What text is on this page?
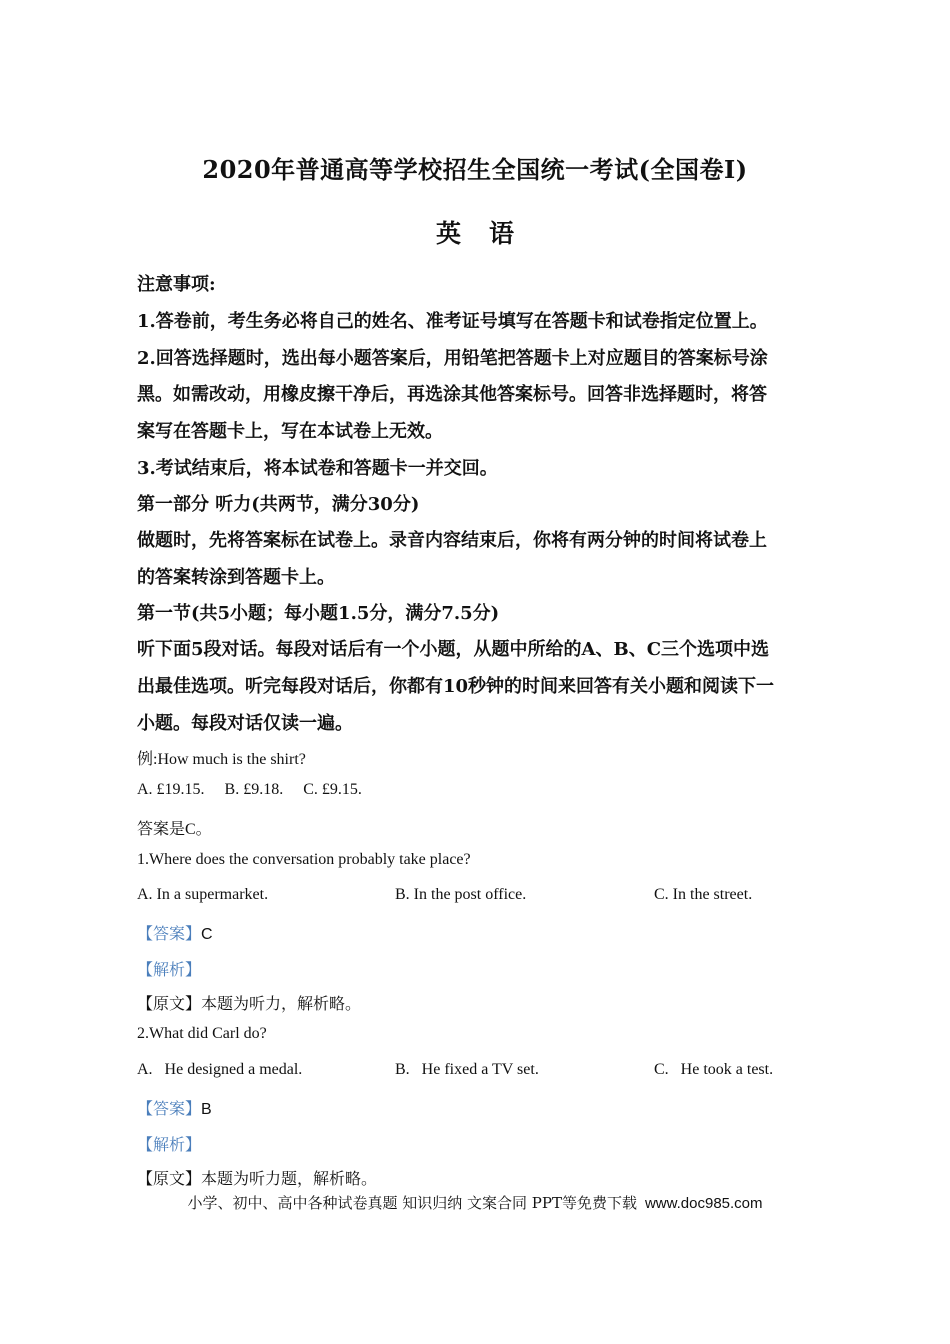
2020年普通高等学校招生全国统一考试(全国卷I)
英语
注意事项:
1.答卷前，考生务必将自己的姓名、准考证号填写在答题卡和试卷指定位置上。
2.回答选择题时，选出每小题答案后，用铅笔把答题卡上对应题目的答案标号涂
黑。如需改动，用橡皮擦干净后，再选涂其他答案标号。回答非选择题时，将答
案写在答题卡上，写在本试卷上无效。
3.考试结束后，将本试卷和答题卡一并交回。
第一部分 听力(共两节，满分30分)
做题时，先将答案标在试卷上。录音内容结束后，你将有两分钟的时间将试卷上
的答案转涂到答题卡上。
第一节(共5小题；每小题1.5分，满分7.5分)
听下面5段对话。每段对话后有一个小题，从题中所给的A、B、C三个选项中选
出最佳选项。听完每段对话后，你都有10秒钟的时间来回答有关小题和阅读下一
小题。每段对话仅读一遍。
例:How much is the shirt?
A. £19.15.     B. £9.18.     C. £9.15.
答案是C。
1.Where does the conversation probably take place?
A. In a supermarket.	B. In the post office.	C. In the street.
【答案】C
【解析】
【原文】本题为听力，解析略。
2.What did Carl do?
A.   He designed a medal.	B.   He fixed a TV set.	C.   He took a test.
【答案】B
【解析】
【原文】本题为听力题，解析略。
小学、初中、高中各种试卷真题 知识归纳 文案合同 PPT等免费下载 www.doc985.com
